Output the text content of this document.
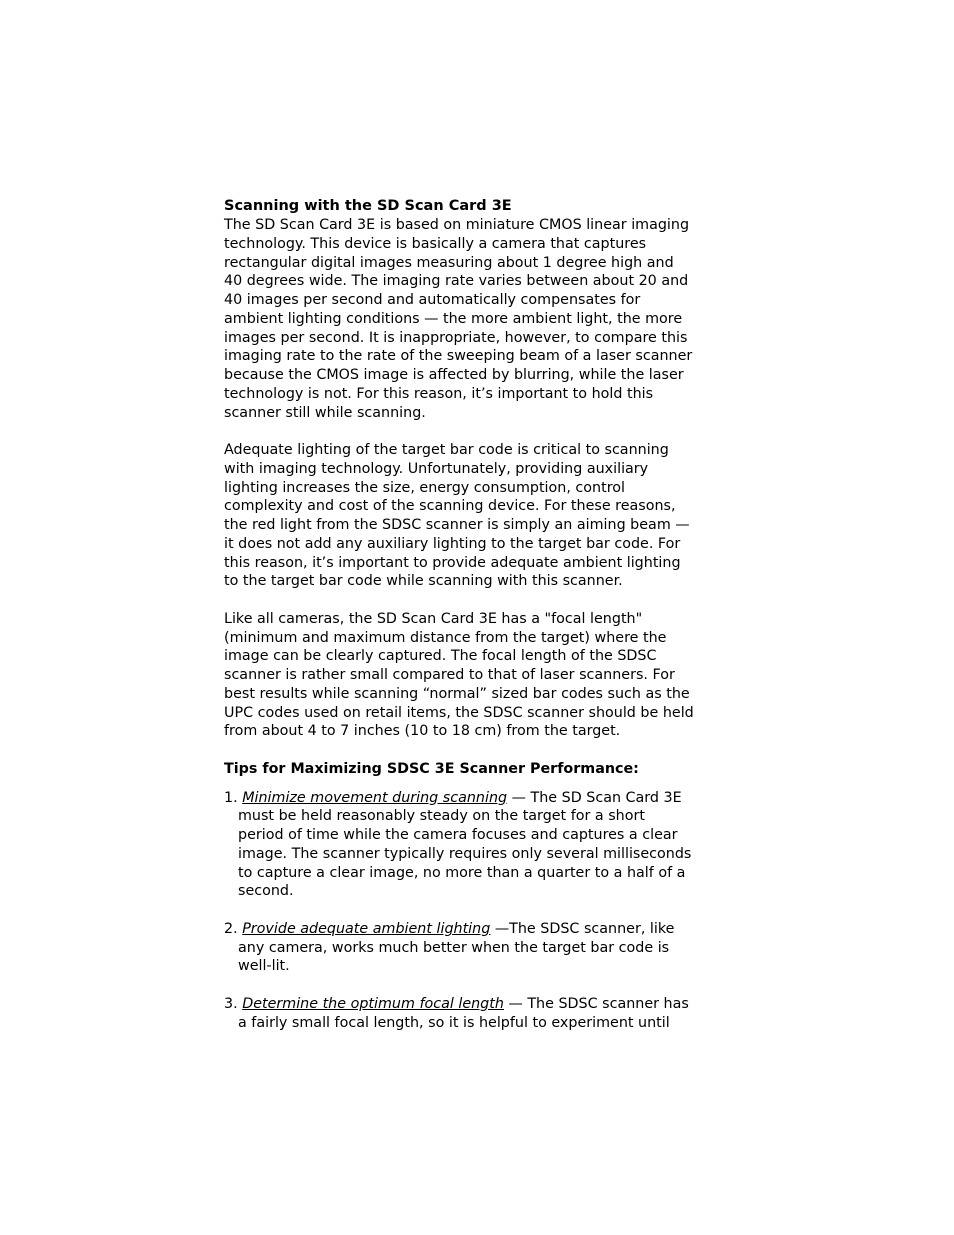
Scanning with the SD Scan Card 3E

The SD Scan Card 3E is based on miniature CMOS linear imaging

technology. This device is basically a camera that captures

rectangular digital images measuring about 1 degree high and

40 degrees wide. The imaging rate varies between about 20 and

40 images per second and automatically compensates for

ambient lighting conditions — the more ambient light, the more

images per second. It is inappropriate, however, to compare this

imaging rate to the rate of the sweeping beam of a laser scanner

because the CMOS image is affected by blurring, while the laser

technology is not. For this reason, it’s important to hold this

scanner still while scanning.

Adequate lighting of the target bar code is critical to scanning

with imaging technology. Unfortunately, providing auxiliary

lighting increases the size, energy consumption, control

complexity and cost of the scanning device. For these reasons,

the red light from the SDSC scanner is simply an aiming beam —

it does not add any auxiliary lighting to the target bar code. For

this reason, it’s important to provide adequate ambient lighting

to the target bar code while scanning with this scanner.

Like all cameras, the SD Scan Card 3E has a "focal length"

(minimum and maximum distance from the target) where the

image can be clearly captured. The focal length of the SDSC

scanner is rather small compared to that of laser scanners. For

best results while scanning “normal” sized bar codes such as the

UPC codes used on retail items, the SDSC scanner should be held

from about 4 to 7 inches (10 to 18 cm) from the target.

Tips for Maximizing SDSC 3E Scanner Performance:

1. Minimize movement during scanning — The SD Scan Card 3E

must be held reasonably steady on the target for a short

period of time while the camera focuses and captures a clear

image. The scanner typically requires only several milliseconds

to capture a clear image, no more than a quarter to a half of a

second.

2. Provide adequate ambient lighting —The SDSC scanner, like

any camera, works much better when the target bar code is

well-lit.

3. Determine the optimum focal length — The SDSC scanner has

a fairly small focal length, so it is helpful to experiment until
